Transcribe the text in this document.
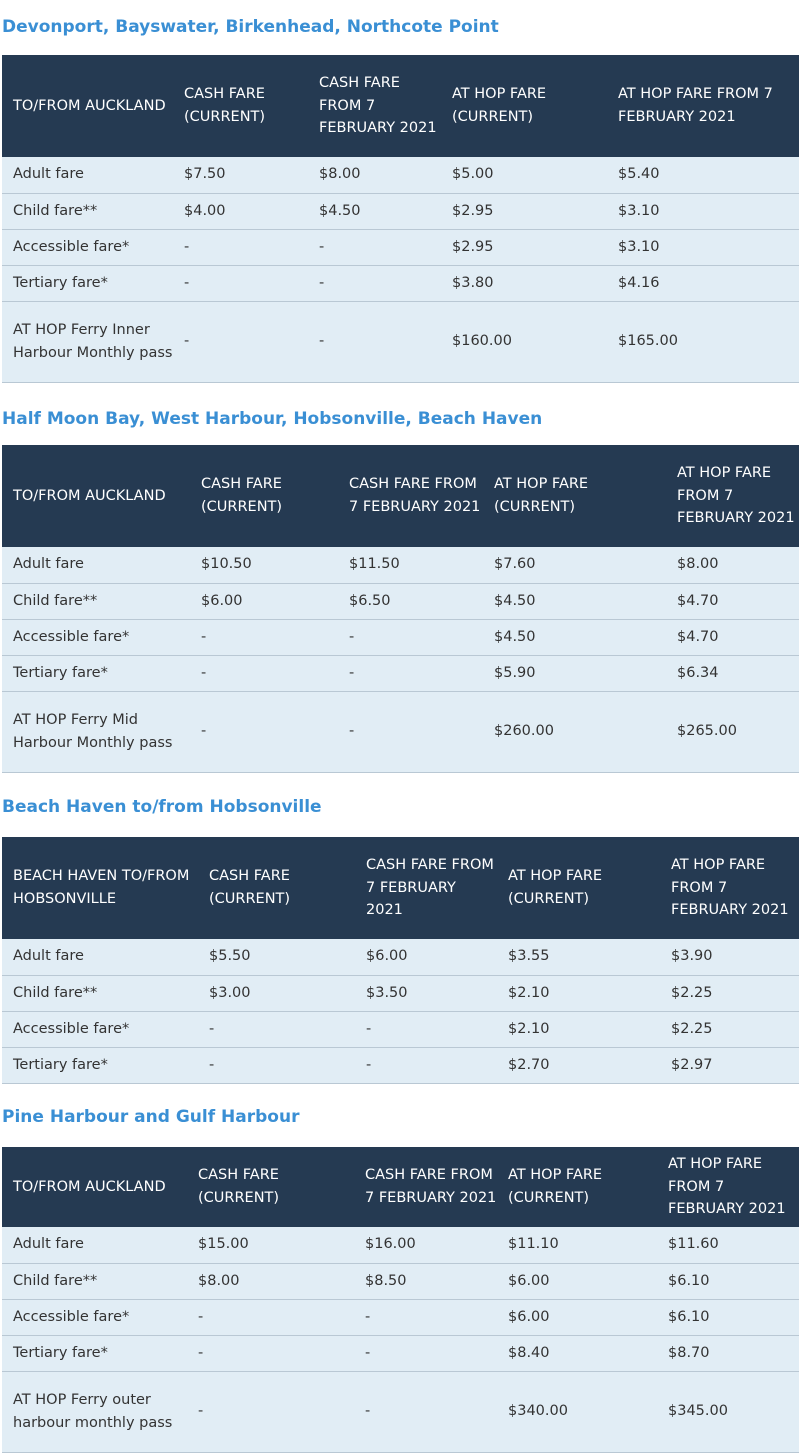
Devonport, Bayswater, Birkenhead, Northcote Point
TO/FROM AUCKLAND	CASH FARE (CURRENT)	CASH FARE FROM 7 FEBRUARY 2021	AT HOP FARE (CURRENT)	AT HOP FARE FROM 7 FEBRUARY 2021
Adult fare	$7.50	$8.00	$5.00	$5.40
Child fare**	$4.00	$4.50	$2.95	$3.10
Accessible fare*	-	-	$2.95	$3.10
Tertiary fare*	-	-	$3.80	$4.16
AT HOP Ferry Inner Harbour Monthly pass	-	-	$160.00	$165.00
Half Moon Bay, West Harbour, Hobsonville, Beach Haven
TO/FROM AUCKLAND	CASH FARE (CURRENT)	CASH FARE FROM 7 FEBRUARY 2021	AT HOP FARE (CURRENT)	AT HOP FARE FROM 7 FEBRUARY 2021
Adult fare	$10.50	$11.50	$7.60	$8.00
Child fare**	$6.00	$6.50	$4.50	$4.70
Accessible fare*	-	-	$4.50	$4.70
Tertiary fare*	-	-	$5.90	$6.34
AT HOP Ferry Mid Harbour Monthly pass	-	-	$260.00	$265.00
Beach Haven to/from Hobsonville
BEACH HAVEN TO/FROM HOBSONVILLE	CASH FARE (CURRENT)	CASH FARE FROM 7 FEBRUARY 2021	AT HOP FARE (CURRENT)	AT HOP FARE FROM 7 FEBRUARY 2021
Adult fare	$5.50	$6.00	$3.55	$3.90
Child fare**	$3.00	$3.50	$2.10	$2.25
Accessible fare*	-	-	$2.10	$2.25
Tertiary fare*	-	-	$2.70	$2.97
Pine Harbour and Gulf Harbour
TO/FROM AUCKLAND	CASH FARE (CURRENT)	CASH FARE FROM 7 FEBRUARY 2021	AT HOP FARE (CURRENT)	AT HOP FARE FROM 7 FEBRUARY 2021
Adult fare	$15.00	$16.00	$11.10	$11.60
Child fare**	$8.00	$8.50	$6.00	$6.10
Accessible fare*	-	-	$6.00	$6.10
Tertiary fare*	-	-	$8.40	$8.70
AT HOP Ferry outer harbour monthly pass	-	-	$340.00	$345.00
